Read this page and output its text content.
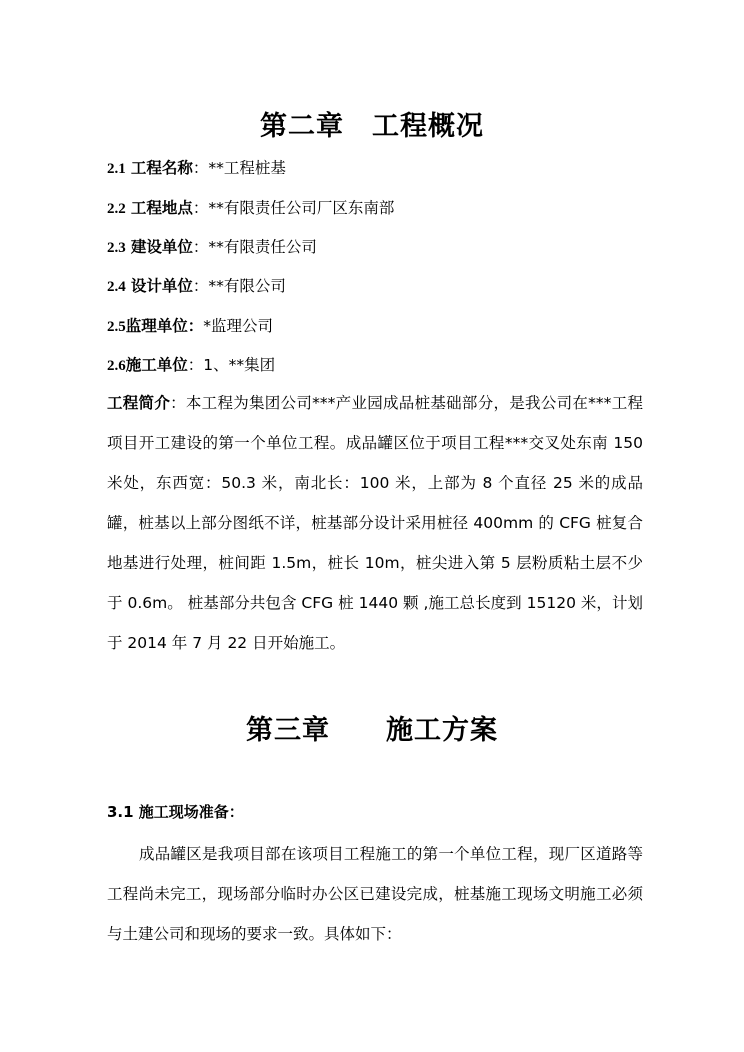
第二章　工程概况
2.1 工程名称：**工程桩基
2.2 工程地点：**有限责任公司厂区东南部
2.3 建设单位：**有限责任公司
2.4 设计单位：**有限公司
2.5监理单位：*监理公司
2.6施工单位：1、**集团

工程简介：本工程为集团公司***产业园成品桩基础部分，是我公司在***工程项目开工建设的第一个单位工程。成品罐区位于项目工程***交叉处东南 150 米处，东西宽：50.3 米，南北长：100 米，上部为 8 个直径 25 米的成品罐，桩基以上部分图纸不详，桩基部分设计采用桩径 400mm 的 CFG 桩复合地基进行处理，桩间距 1.5m，桩长 10m，桩尖进入第 5 层粉质粘土层不少于 0.6m。 桩基部分共包含 CFG 桩 1440 颗 ,施工总长度到 15120 米，计划于 2014 年 7 月 22 日开始施工。

第三章　　施工方案
3.1 施工现场准备：

成品罐区是我项目部在该项目工程施工的第一个单位工程，现厂区道路等工程尚未完工，现场部分临时办公区已建设完成，桩基施工现场文明施工必须与土建公司和现场的要求一致。具体如下：
